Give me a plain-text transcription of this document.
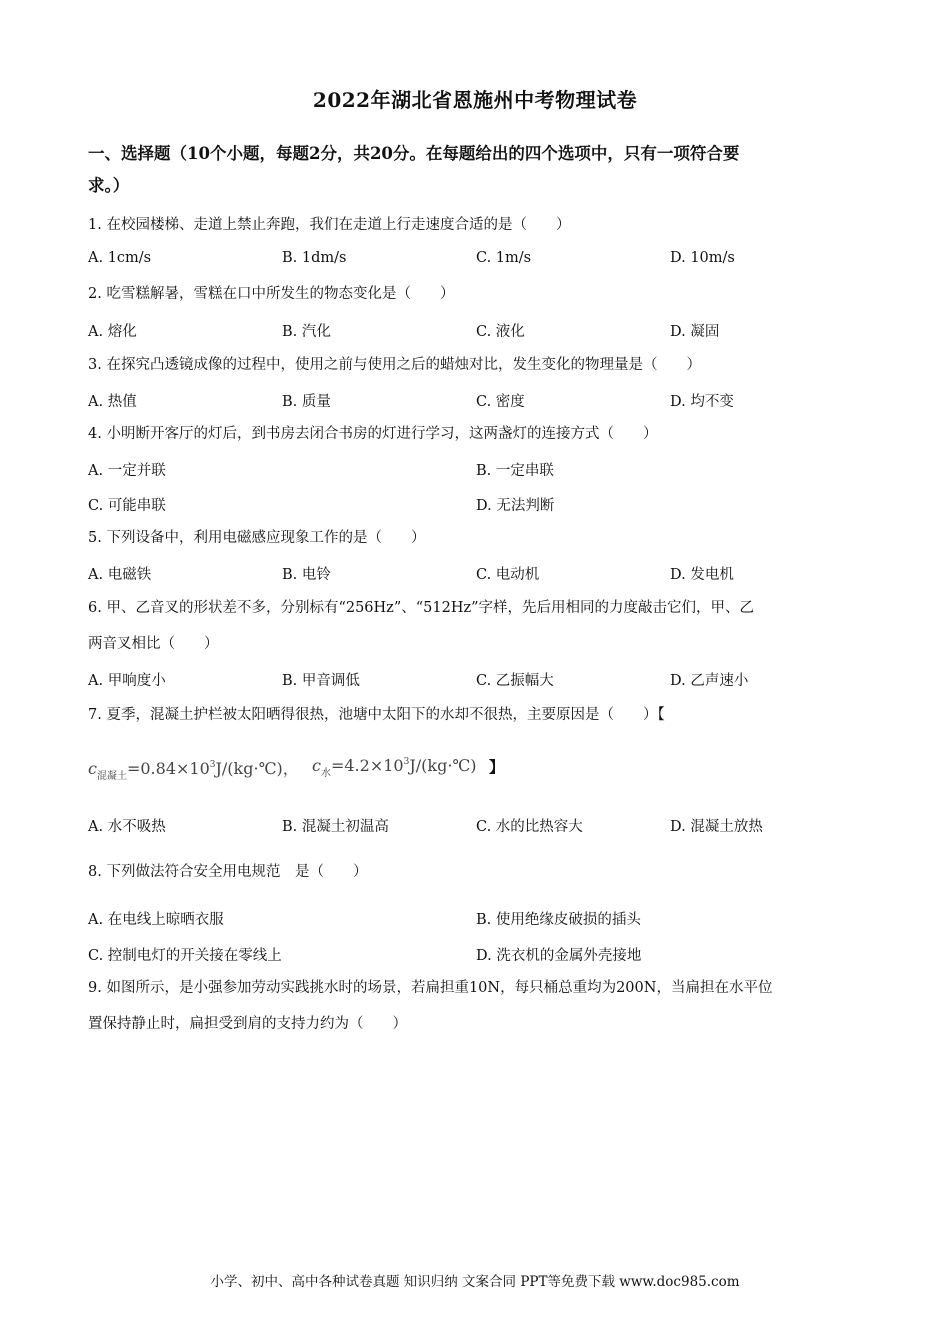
2022年湖北省恩施州中考物理试卷
一、选择题（10个小题，每题2分，共20分。在每题给出的四个选项中，只有一项符合要
求。）
1. 在校园楼梯、走道上禁止奔跑，我们在走道上行走速度合适的是（　　）
A. 1cm/s	B. 1dm/s	C. 1m/s	D. 10m/s
2. 吃雪糕解暑，雪糕在口中所发生的物态变化是（　　）
A. 熔化	B. 汽化	C. 液化	D. 凝固
3. 在探究凸透镜成像的过程中，使用之前与使用之后的蜡烛对比，发生变化的物理量是（　　）
A. 热值	B. 质量	C. 密度	D. 均不变
4. 小明断开客厅的灯后，到书房去闭合书房的灯进行学习，这两盏灯的连接方式（　　）
A. 一定并联	B. 一定串联
C. 可能串联	D. 无法判断
5. 下列设备中，利用电磁感应现象工作的是（　　）
A. 电磁铁	B. 电铃	C. 电动机	D. 发电机
6. 甲、乙音叉的形状差不多，分别标有“256Hz”、“512Hz”字样，先后用相同的力度敲击它们，甲、乙
两音叉相比（　　）
A. 甲响度小	B. 甲音调低	C. 乙振幅大	D. 乙声速小
7. 夏季，混凝土护栏被太阳晒得很热，池塘中太阳下的水却不很热，主要原因是（　　）【
$c_{混凝土}=0.84\times 10^3J/(kg\cdot℃)$， $c_水=4.2\times 10^3J/(kg\cdot℃)$ 】
A. 水不吸热	B. 混凝土初温高	C. 水的比热容大	D. 混凝土放热
8. 下列做法符合安全用电规范　是（　　）
A. 在电线上晾晒衣服	B. 使用绝缘皮破损的插头
C. 控制电灯的开关接在零线上	D. 洗衣机的金属外壳接地
9. 如图所示，是小强参加劳动实践挑水时的场景，若扁担重10N，每只桶总重均为200N，当扁担在水平位
置保持静止时，扁担受到肩的支持力约为（　　）
小学、初中、高中各种试卷真题 知识归纳 文案合同 PPT等免费下载 www.doc985.com
